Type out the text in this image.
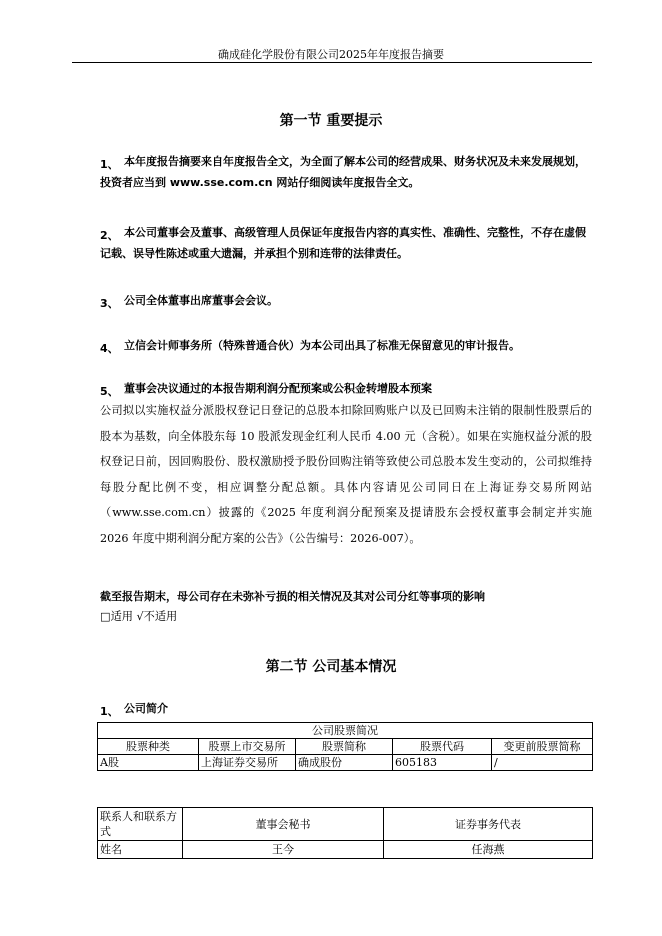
确成硅化学股份有限公司2025年年度报告摘要
第一节 重要提示
1、 本年度报告摘要来自年度报告全文，为全面了解本公司的经营成果、财务状况及未来发展规划，投资者应当到 www.sse.com.cn 网站仔细阅读年度报告全文。
2、 本公司董事会及董事、高级管理人员保证年度报告内容的真实性、准确性、完整性，不存在虚假记载、误导性陈述或重大遗漏，并承担个别和连带的法律责任。
3、 公司全体董事出席董事会会议。
4、 立信会计师事务所（特殊普通合伙）为本公司出具了标准无保留意见的审计报告。
5、 董事会决议通过的本报告期利润分配预案或公积金转增股本预案
公司拟以实施权益分派股权登记日登记的总股本扣除回购账户以及已回购未注销的限制性股票后的股本为基数，向全体股东每 10 股派发现金红利人民币 4.00 元（含税）。如果在实施权益分派的股权登记日前，因回购股份、股权激励授予股份回购注销等致使公司总股本发生变动的，公司拟维持每股分配比例不变，相应调整分配总额。具体内容请见公司同日在上海证券交易所网站（www.sse.com.cn）披露的《2025 年度利润分配预案及提请股东会授权董事会制定并实施 2026 年度中期利润分配方案的公告》（公告编号：2026-007）。
截至报告期末，母公司存在未弥补亏损的相关情况及其对公司分红等事项的影响
□适用 √不适用
第二节 公司基本情况
1、 公司简介
公司股票简况				
股票种类	股票上市交易所	股票简称	股票代码	变更前股票简称
A股	上海证券交易所	确成股份	605183	/
联系人和联系方式	董事会秘书	证券事务代表
姓名	王今	任海燕
